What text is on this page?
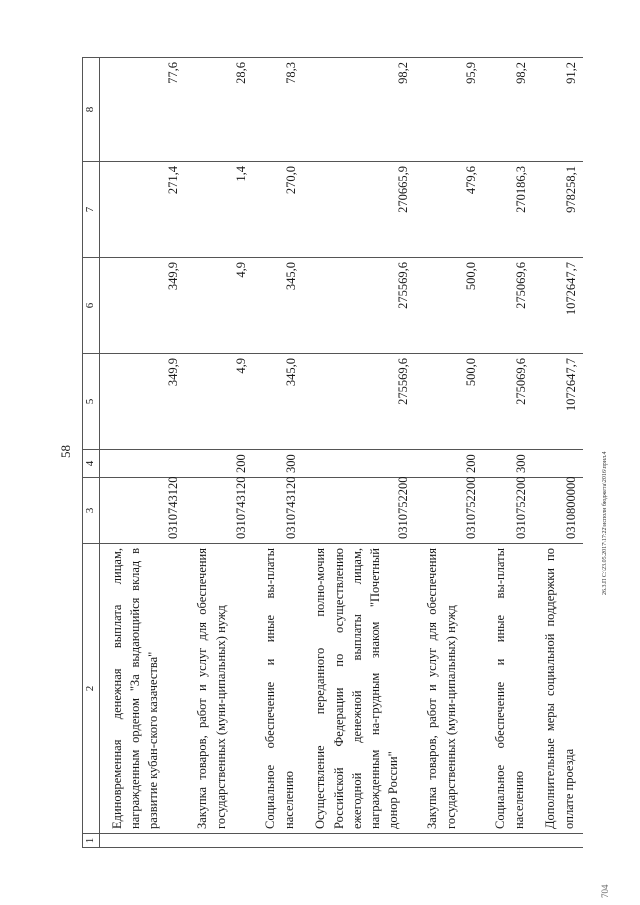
58
1	2	3	4	5	6	7	8
	Единовременная денежная выплата лицам, награжденным орденом "За выдающийся вклад в развитие кубан-ского казачества"	0310743120		349,9	349,9	271,4	77,6
	Закупка товаров, работ и услуг для обеспечения государственных (муни-ципальных) нужд	0310743120	200	4,9	4,9	1,4	28,6
	Социальное обеспечение и иные вы-платы населению	0310743120	300	345,0	345,0	270,0	78,3
	Осуществление переданного полно-мочия Российской Федерации по осуществлению ежегодной денежной выплаты лицам, награжденным на-грудным знаком "Почетный донор России"	0310752200		275569,6	275569,6	270665,9	98,2
	Закупка товаров, работ и услуг для обеспечения государственных (муни-ципальных) нужд	0310752200	200	500,0	500,0	479,6	95,9
	Социальное обеспечение и иные вы-платы населению	0310752200	300	275069,6	275069,6	270186,3	98,2
	Дополнительные меры социальной поддержки по оплате проезда	0310800000		1072647,7	1072647,7	978258,1	91,2
26.3.П С:\23.05.2017\17:22\исполн бюджета\2016\прил.4
704
